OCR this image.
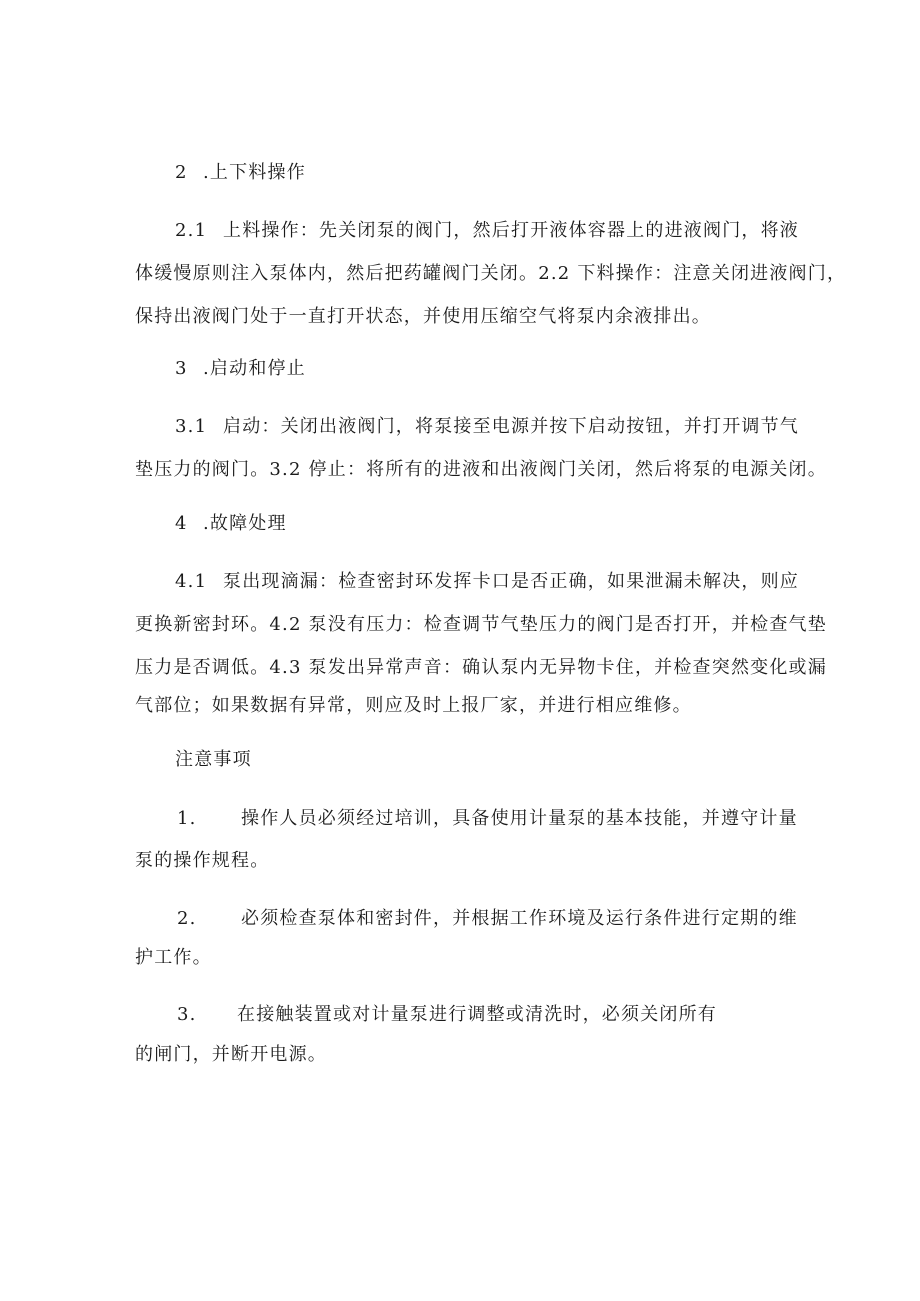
2 .上下料操作
2.1 上料操作：先关闭泵的阀门，然后打开液体容器上的进液阀门，将液
体缓慢原则注入泵体内，然后把药罐阀门关闭。2.2 下料操作：注意关闭进液阀门，
保持出液阀门处于一直打开状态，并使用压缩空气将泵内余液排出。
3 .启动和停止
3.1 启动：关闭出液阀门，将泵接至电源并按下启动按钮，并打开调节气
垫压力的阀门。3.2 停止：将所有的进液和出液阀门关闭，然后将泵的电源关闭。
4 .故障处理
4.1 泵出现滴漏：检查密封环发挥卡口是否正确，如果泄漏未解决，则应
更换新密封环。4.2 泵没有压力：检查调节气垫压力的阀门是否打开，并检查气垫
压力是否调低。4.3 泵发出异常声音：确认泵内无异物卡住，并检查突然变化或漏
气部位；如果数据有异常，则应及时上报厂家，并进行相应维修。
注意事项
1. 操作人员必须经过培训，具备使用计量泵的基本技能，并遵守计量
泵的操作规程。
2. 必须检查泵体和密封件，并根据工作环境及运行条件进行定期的维
护工作。
3. 在接触装置或对计量泵进行调整或清洗时，必须关闭所有
的闸门，并断开电源。
